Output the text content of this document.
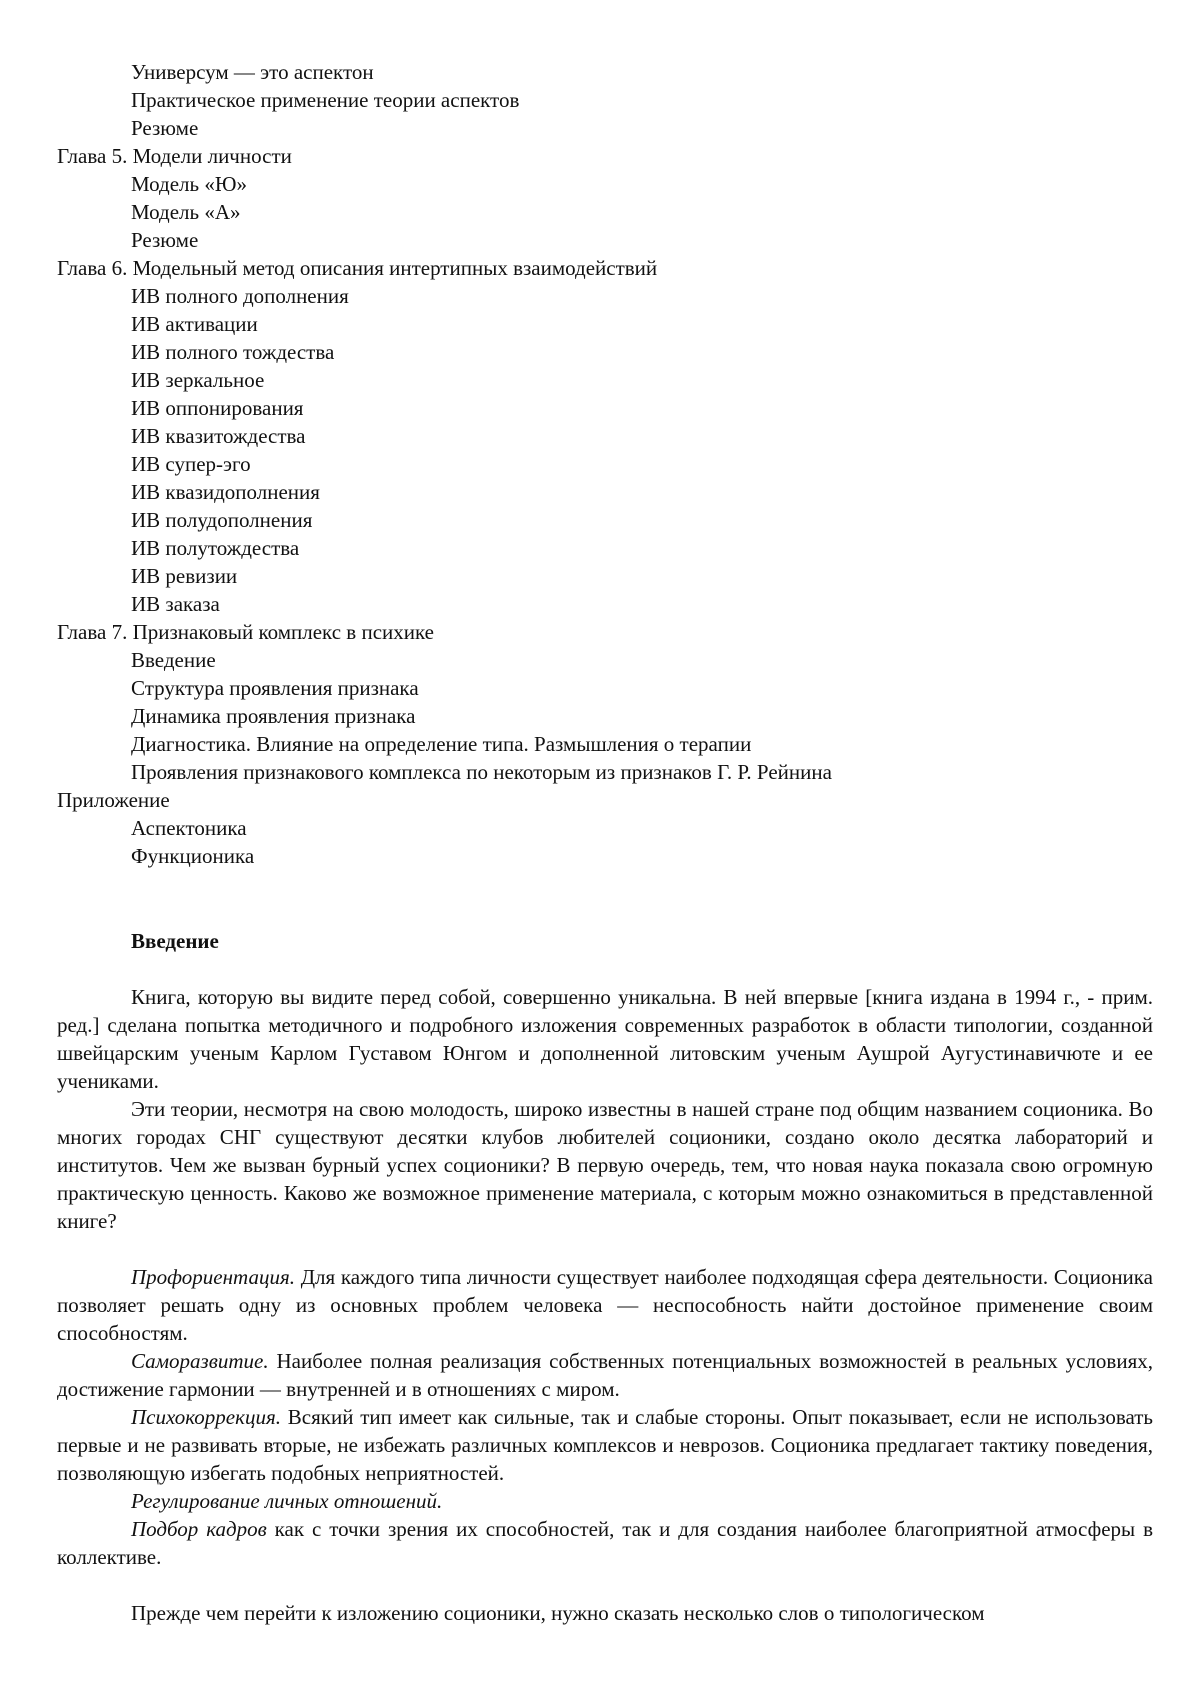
Универсум — это аспектон
Практическое применение теории аспектов
Резюме
Глава 5. Модели личности
Модель «Ю»
Модель «А»
Резюме
Глава 6. Модельный метод описания интертипных взаимодействий
ИВ полного дополнения
ИВ активации
ИВ полного тождества
ИВ зеркальное
ИВ оппонирования
ИВ квазитождества
ИВ супер-эго
ИВ квазидополнения
ИВ полудополнения
ИВ полутождества
ИВ ревизии
ИВ заказа
Глава 7. Признаковый комплекс в психике
Введение
Структура проявления признака
Динамика проявления признака
Диагностика. Влияние на определение типа. Размышления о терапии
Проявления признакового комплекса по некоторым из признаков Г. Р. Рейнина
Приложение
Аспектоника
Функционика
Введение

Книга, которую вы видите перед собой, совершенно уникальна. В ней впервые [книга издана в 1994 г., - прим. ред.] сделана попытка методичного и подробного изложения современных разработок в области типологии, созданной швейцарским ученым Карлом Густавом Юнгом и дополненной литовским ученым Аушрой Аугустинавичюте и ее учениками.

Эти теории, несмотря на свою молодость, широко известны в нашей стране под общим названием соционика. Во многих городах СНГ существуют десятки клубов любителей соционики, создано около десятка лабораторий и институтов. Чем же вызван бурный успех соционики? В первую очередь, тем, что новая наука показала свою огромную практическую ценность. Каково же возможное применение материала, с которым можно ознакомиться в представленной книге?

Профориентация. Для каждого типа личности существует наиболее подходящая сфера деятельности. Соционика позволяет решать одну из основных проблем человека — неспособность найти достойное применение своим способностям.

Саморазвитие. Наиболее полная реализация собственных потенциальных возможностей в реальных условиях, достижение гармонии — внутренней и в отношениях с миром.

Психокоррекция. Всякий тип имеет как сильные, так и слабые стороны. Опыт показывает, если не использовать первые и не развивать вторые, не избежать различных комплексов и неврозов. Соционика предлагает тактику поведения, позволяющую избегать подобных неприятностей.

Регулирование личных отношений.

Подбор кадров как с точки зрения их способностей, так и для создания наиболее благоприятной атмосферы в коллективе.

Прежде чем перейти к изложению соционики, нужно сказать несколько слов о типологическом
